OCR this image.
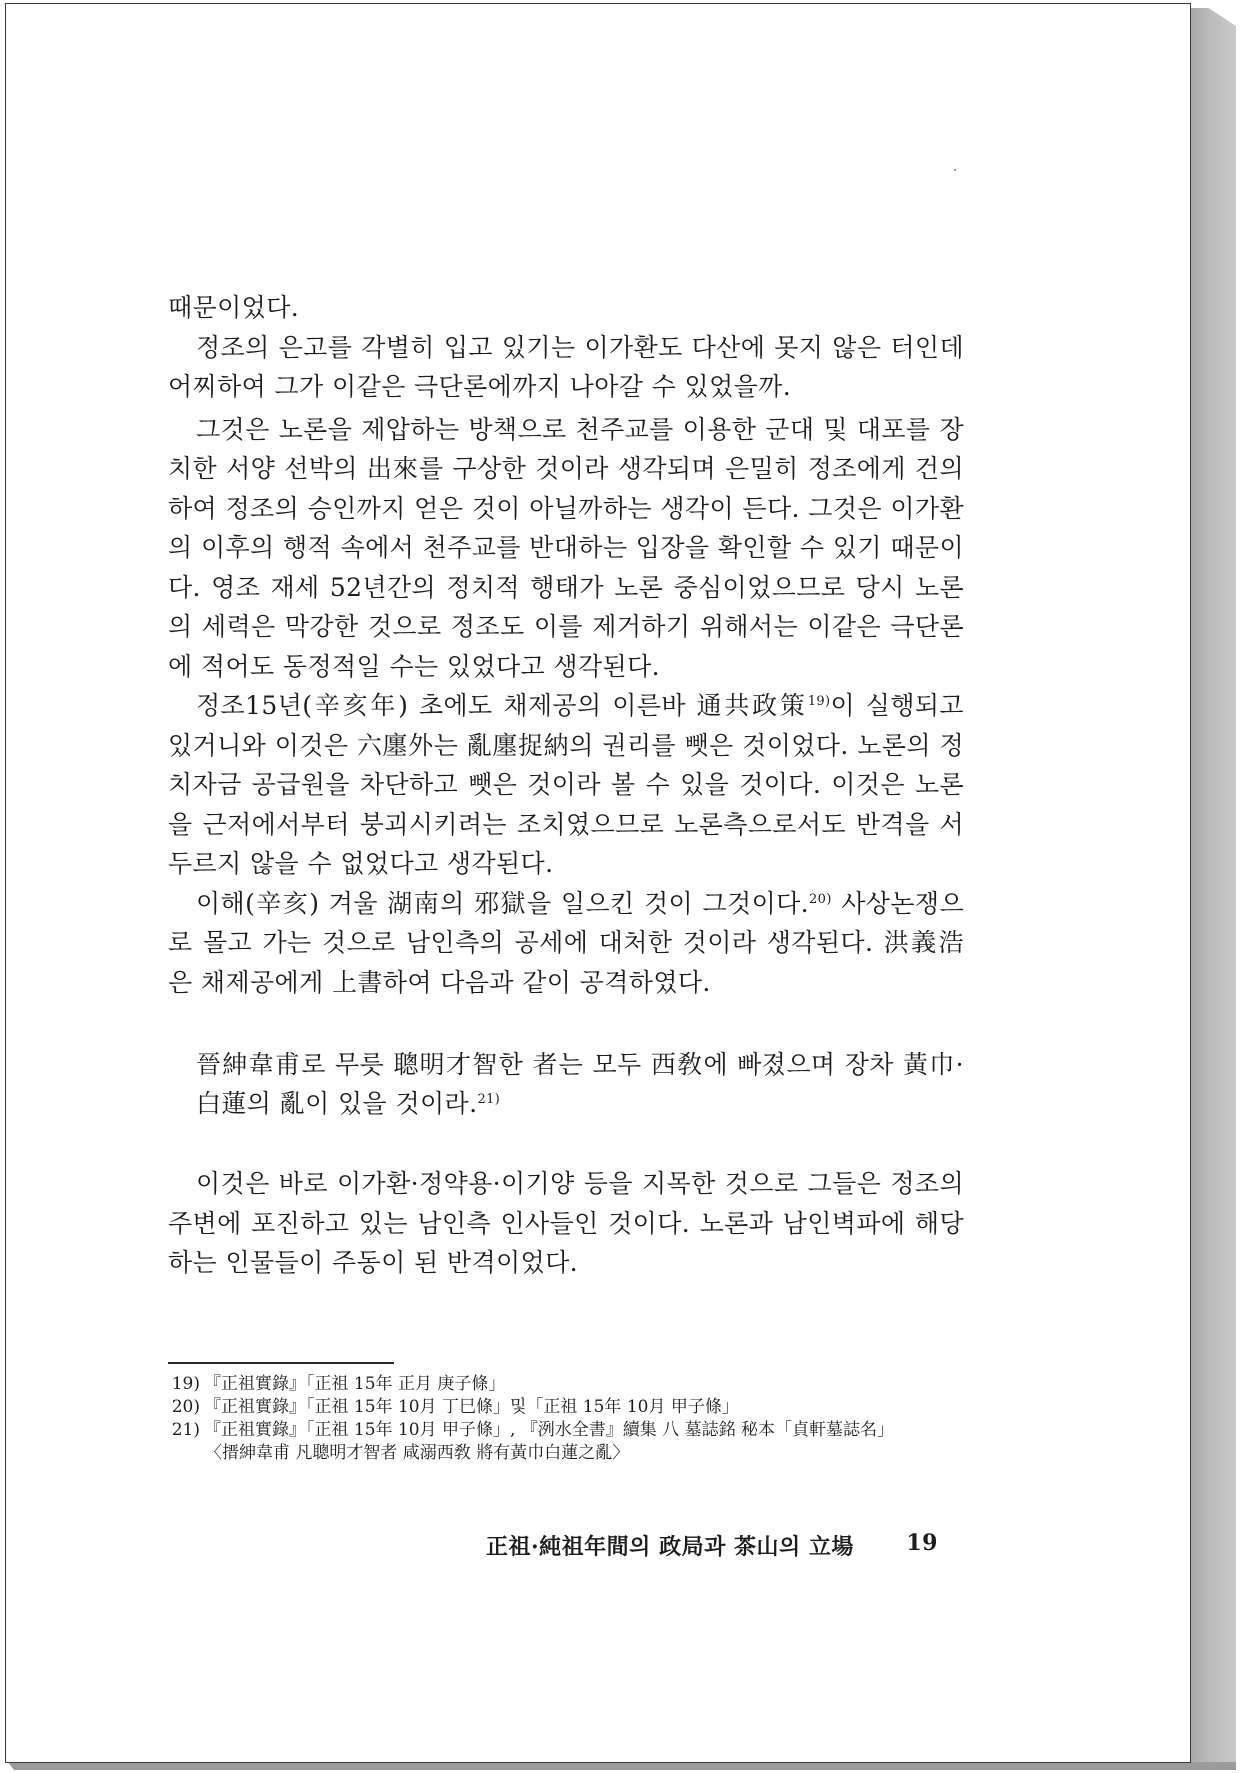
때문이었다.

정조의 은고를 각별히 입고 있기는 이가환도 다산에 못지 않은 터인데 어찌하여 그가 이같은 극단론에까지 나아갈 수 있었을까.

그것은 노론을 제압하는 방책으로 천주교를 이용한 군대 및 대포를 장치한 서양 선박의 出來를 구상한 것이라 생각되며 은밀히 정조에게 건의하여 정조의 승인까지 얻은 것이 아닐까하는 생각이 든다. 그것은 이가환의 이후의 행적 속에서 천주교를 반대하는 입장을 확인할 수 있기 때문이다. 영조 재세 52년간의 정치적 행태가 노론 중심이었으므로 당시 노론의 세력은 막강한 것으로 정조도 이를 제거하기 위해서는 이같은 극단론에 적어도 동정적일 수는 있었다고 생각된다.

정조15년(辛亥年) 초에도 채제공의 이른바 通共政策$^{19)}$이 실행되고 있거니와 이것은 六廛外는 亂廛捉納의 권리를 뺏은 것이었다. 노론의 정치자금 공급원을 차단하고 뺏은 것이라 볼 수 있을 것이다. 이것은 노론을 근저에서부터 붕괴시키려는 조치였으므로 노론측으로서도 반격을 서두르지 않을 수 없었다고 생각된다.

이해(辛亥) 겨울 湖南의 邪獄을 일으킨 것이 그것이다.$^{20)}$ 사상논쟁으로 몰고 가는 것으로 남인측의 공세에 대처한 것이라 생각된다. 洪義浩은 채제공에게 上書하여 다음과 같이 공격하였다.

晉紳韋甫로 무릇 聰明才智한 者는 모두 西敎에 빠졌으며 장차 黃巾·白蓮의 亂이 있을 것이라.$^{21)}$

이것은 바로 이가환·정약용·이기양 등을 지목한 것으로 그들은 정조의 주변에 포진하고 있는 남인측 인사들인 것이다. 노론과 남인벽파에 해당하는 인물들이 주동이 된 반격이었다.

19) 『正祖實錄』「正祖 15年 正月 庚子條」
20) 『正祖實錄』「正祖 15年 10月 丁巳條」및「正祖 15年 10月 甲子條」
21) 『正祖實錄』「正祖 15年 10月 甲子條」, 『洌水全書』續集 八 墓誌銘 秘本「貞軒墓誌名」
〈搢紳韋甫 凡聰明才智者 咸溺西敎 將有黃巾白蓮之亂〉
正祖·純祖年間의 政局과 茶山의 立場 19
